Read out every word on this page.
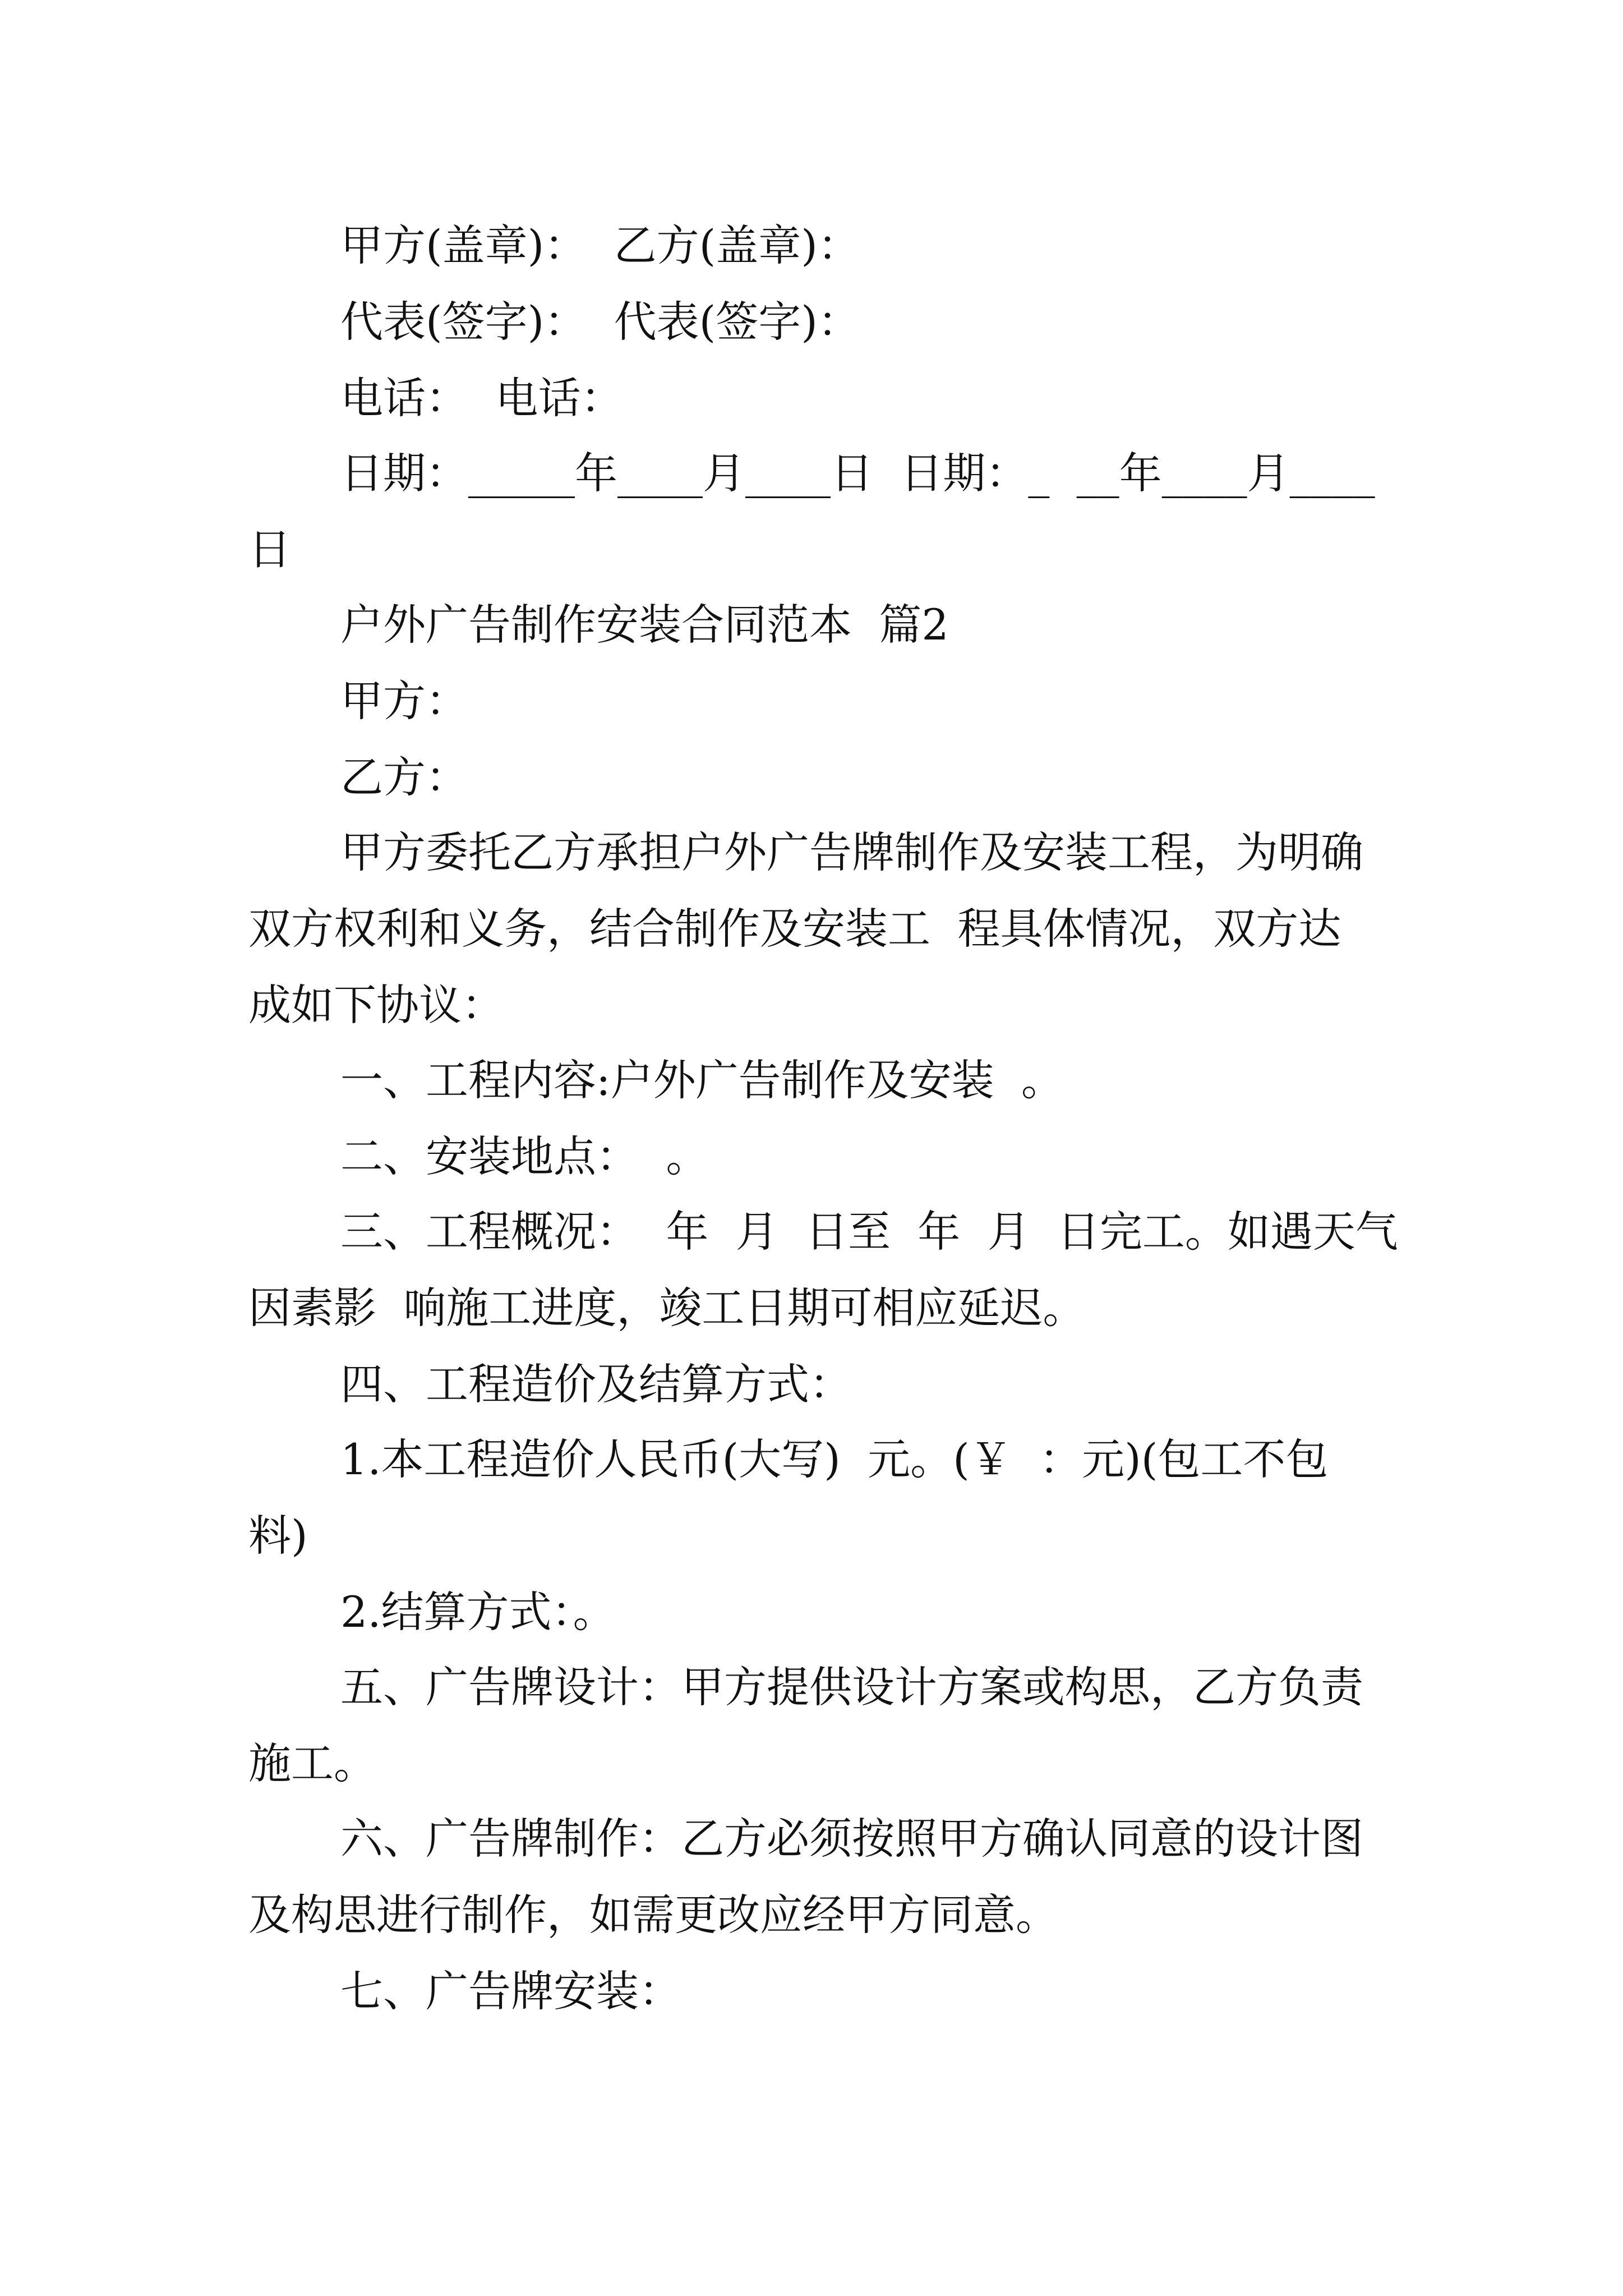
甲方(盖章)：  乙方(盖章)：

代表(签字)：  代表(签字)：

电话：  电话：

日期：_____年____月____日  日期：_  __年____月____

日

户外广告制作安装合同范本  篇2

甲方：

乙方：

甲方委托乙方承担户外广告牌制作及安装工程，为明确

双方权利和义务，结合制作及安装工  程具体情况，双方达

成如下协议：

一、工程内容:户外广告制作及安装  。

二、安装地点：  。

三、工程概况：  年  月  日至  年  月  日完工。如遇天气

因素影  响施工进度，竣工日期可相应延迟。

四、工程造价及结算方式：

1.本工程造价人民币(大写)  元。(￥  ：元)(包工不包

料)

2.结算方式：。

五、广告牌设计：甲方提供设计方案或构思，乙方负责

施工。

六、广告牌制作：乙方必须按照甲方确认同意的设计图

及构思进行制作，如需更改应经甲方同意。

七、广告牌安装：
